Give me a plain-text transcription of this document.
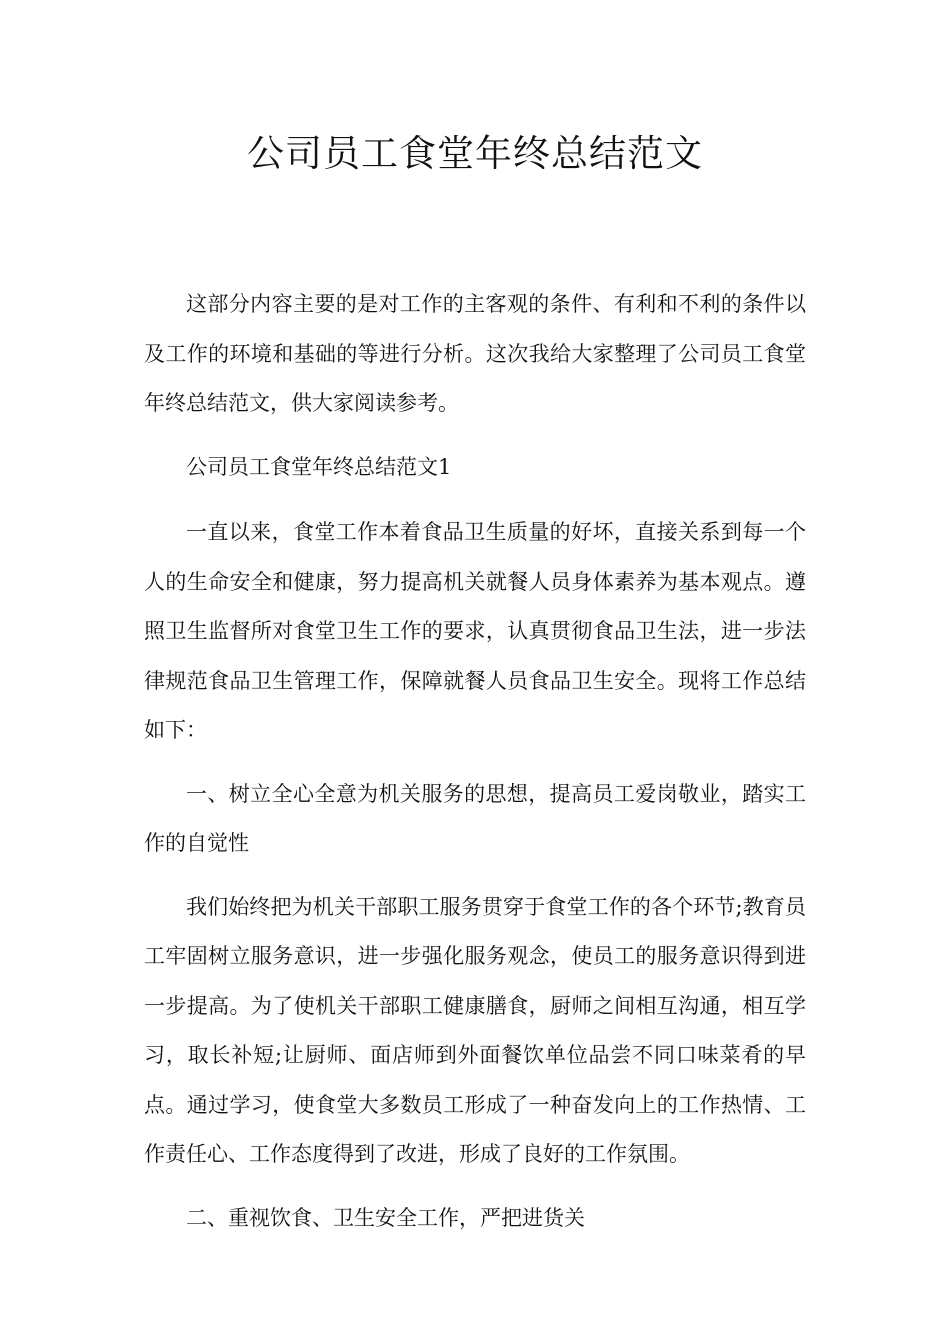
公司员工食堂年终总结范文

这部分内容主要的是对工作的主客观的条件、有利和不利的条件以及工作的环境和基础的等进行分析。这次我给大家整理了公司员工食堂年终总结范文，供大家阅读参考。

公司员工食堂年终总结范文1

一直以来，食堂工作本着食品卫生质量的好坏，直接关系到每一个人的生命安全和健康，努力提高机关就餐人员身体素养为基本观点。遵照卫生监督所对食堂卫生工作的要求，认真贯彻食品卫生法，进一步法律规范食品卫生管理工作，保障就餐人员食品卫生安全。现将工作总结如下：

一、树立全心全意为机关服务的思想，提高员工爱岗敬业，踏实工作的自觉性

我们始终把为机关干部职工服务贯穿于食堂工作的各个环节;教育员工牢固树立服务意识，进一步强化服务观念，使员工的服务意识得到进一步提高。为了使机关干部职工健康膳食，厨师之间相互沟通，相互学习，取长补短;让厨师、面店师到外面餐饮单位品尝不同口味菜肴的早点。通过学习，使食堂大多数员工形成了一种奋发向上的工作热情、工作责任心、工作态度得到了改进，形成了良好的工作氛围。

二、重视饮食、卫生安全工作，严把进货关
